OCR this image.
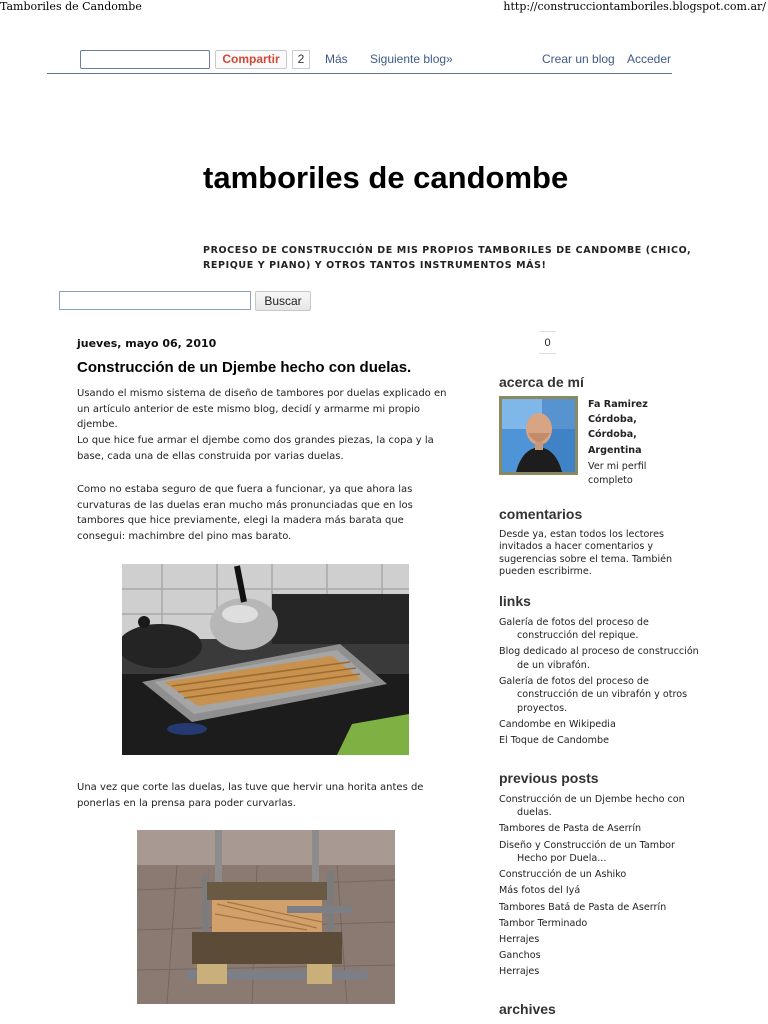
Tamboriles de Candombe	http://construcciontamboriles.blogspot.com.ar/
Compartir	2	Más Siguiente blog»	Crear un blog Acceder
tamboriles de candombe
PROCESO DE CONSTRUCCIÓN DE MIS PROPIOS TAMBORILES DE CANDOMBE (CHICO, REPIQUE Y PIANO) Y OTROS TANTOS INSTRUMENTOS MÁS!
Buscar
jueves, mayo 06, 2010
Construcción de un Djembe hecho con duelas.
Usando el mismo sistema de diseño de tambores por duelas explicado en un artículo anterior de este mismo blog, decidí y armarme mi propio djembe.
Lo que hice fue armar el djembe como dos grandes piezas, la copa y la base, cada una de ellas construida por varias duelas.
Como no estaba seguro de que fuera a funcionar, ya que ahora las curvaturas de las duelas eran mucho más pronunciadas que en los tambores que hice previamente, elegi la madera más barata que consegui: machimbre del pino mas barato.
Una vez que corte las duelas, las tuve que hervir una horita antes de ponerlas en la prensa para poder curvarlas.
0
acerca de mí
Fa Ramirez
Córdoba,
Córdoba,
Argentina
Ver mi perfil completo
comentarios
Desde ya, estan todos los lectores invitados a hacer comentarios y sugerencias sobre el tema. También pueden escribirme.
links
Galería de fotos del proceso de construcción del repique.
Blog dedicado al proceso de construcción de un vibrafón.
Galería de fotos del proceso de construcción de un vibrafón y otros proyectos.
Candombe en Wikipedia
El Toque de Candombe
previous posts
Construcción de un Djembe hecho con duelas.
Tambores de Pasta de Aserrín
Diseño y Construcción de un Tambor Hecho por Duela...
Construcción de un Ashiko
Más fotos del Iyá
Tambores Batá de Pasta de Aserrín
Tambor Terminado
Herrajes
Ganchos
Herrajes
archives
